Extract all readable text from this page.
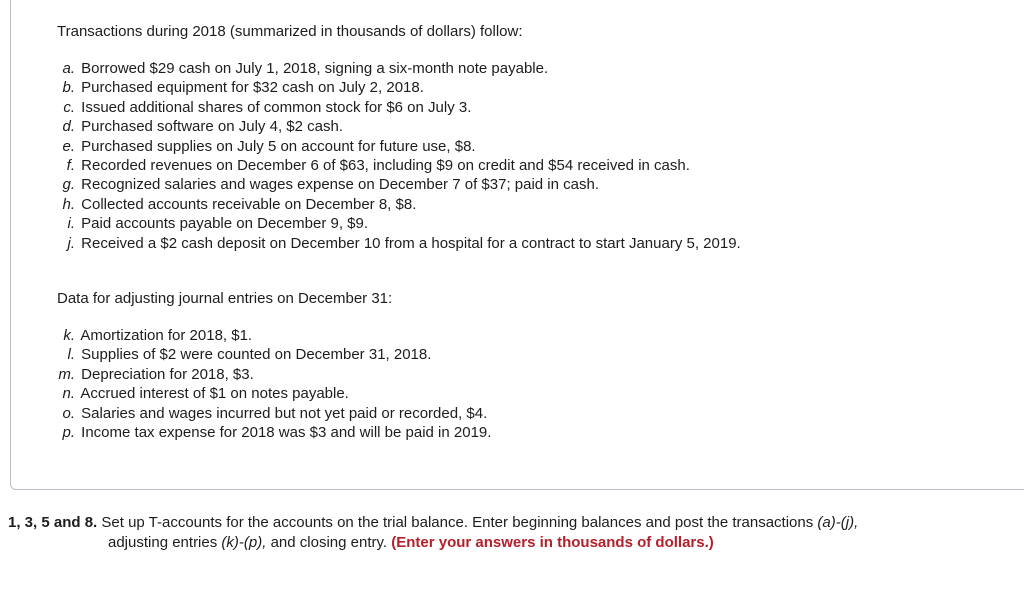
Transactions during 2018 (summarized in thousands of dollars) follow:
a. Borrowed $29 cash on July 1, 2018, signing a six-month note payable.
b. Purchased equipment for $32 cash on July 2, 2018.
c. Issued additional shares of common stock for $6 on July 3.
d. Purchased software on July 4, $2 cash.
e. Purchased supplies on July 5 on account for future use, $8.
f. Recorded revenues on December 6 of $63, including $9 on credit and $54 received in cash.
g. Recognized salaries and wages expense on December 7 of $37; paid in cash.
h. Collected accounts receivable on December 8, $8.
i. Paid accounts payable on December 9, $9.
j. Received a $2 cash deposit on December 10 from a hospital for a contract to start January 5, 2019.
Data for adjusting journal entries on December 31:
k. Amortization for 2018, $1.
l. Supplies of $2 were counted on December 31, 2018.
m. Depreciation for 2018, $3.
n. Accrued interest of $1 on notes payable.
o. Salaries and wages incurred but not yet paid or recorded, $4.
p. Income tax expense for 2018 was $3 and will be paid in 2019.
1, 3, 5 and 8. Set up T-accounts for the accounts on the trial balance. Enter beginning balances and post the transactions (a)-(j),
adjusting entries (k)-(p), and closing entry. (Enter your answers in thousands of dollars.)
